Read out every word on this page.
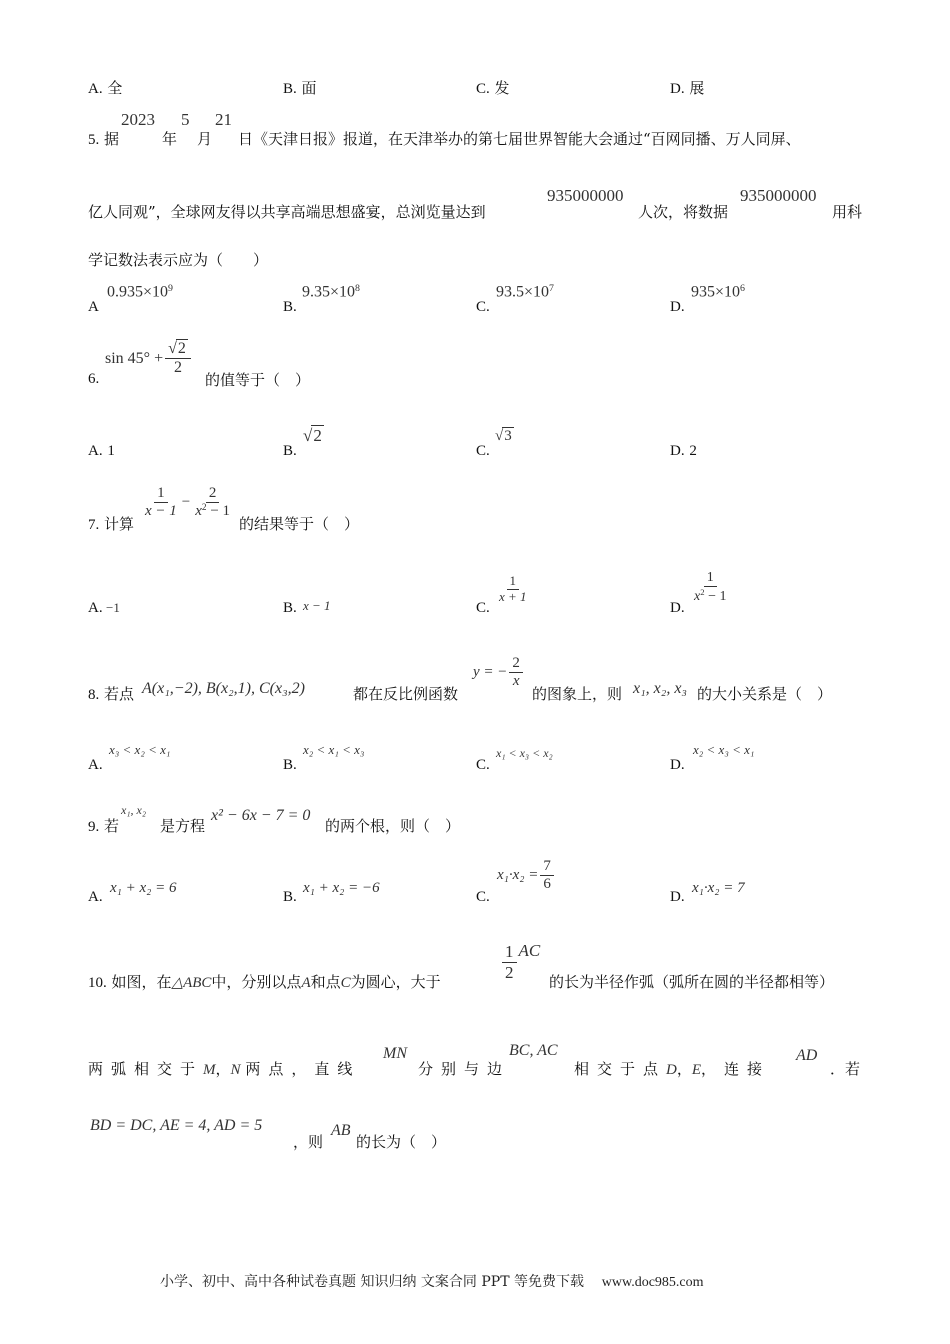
A. 全	B. 面	C. 发	D. 展
5. 据
2023
年
5
月
21
日《天津日报》报道，在天津举办的第七届世界智能大会通过“百网同播、万人同屏、
亿人同观”，全球网友得以共享高端思想盛宴，总浏览量达到
935000000
人次，将数据
935000000
用科
学记数法表示应为（　　）
A
$0.935\times 10^9$
B.
$9.35\times 10^8$
C.
$93.5\times 10^7$
D.
$935\times 10^6$
6.
sin 45°
+ $\frac{√2}{2}$
的值等于（　）
A. 1	B.
√2
C.
√3
D. 2
7. 计算
$\frac{1}{x - 1} - \frac{2}{x^2 - 1}$
的结果等于（　）
A. −1	B. x − 1	C.
$\frac{1}{x + 1}$
D.
$\frac{1}{x^2 - 1}$
8. 若点 A(x₁,−2), B(x₂,1), C(x₃,2)	都在反比例函数
y = − $\frac{2}{x}$
的图象上，则 x₁, x₂, x₃ 的大小关系是（　）
A.
x₃ < x₂ < x₁
B.
x₂ < x₁ < x₃
C.
x₁ < x₃ < x₂
D.
x₂ < x₃ < x₁
9. 若
x₁, x₂
是方程
x² − 6x − 7 = 0
的两个根，则（　）
A.
x₁ + x₂ = 6
B.
x₁ + x₂ = −6
C.
$x_1\cdot x_2 = \frac{7}{6}$
D.
x₁·x₂ = 7
10. 如图，在△ABC中，分别以点A和点C为圆心，大于	$\frac{1}{2}$ AC
的长为半径作弧（弧所在圆的半径都相等）
两弧相交于M，N 两点，直线
MN
分别与边
BC, AC
相交于点D，E，连接
AD
．若
BD = DC, AE = 4, AD = 5
，则
AB
的长为（　）
小学、初中、高中各种试卷真题 知识归纳 文案合同 PPT 等免费下载 www.doc985.com
